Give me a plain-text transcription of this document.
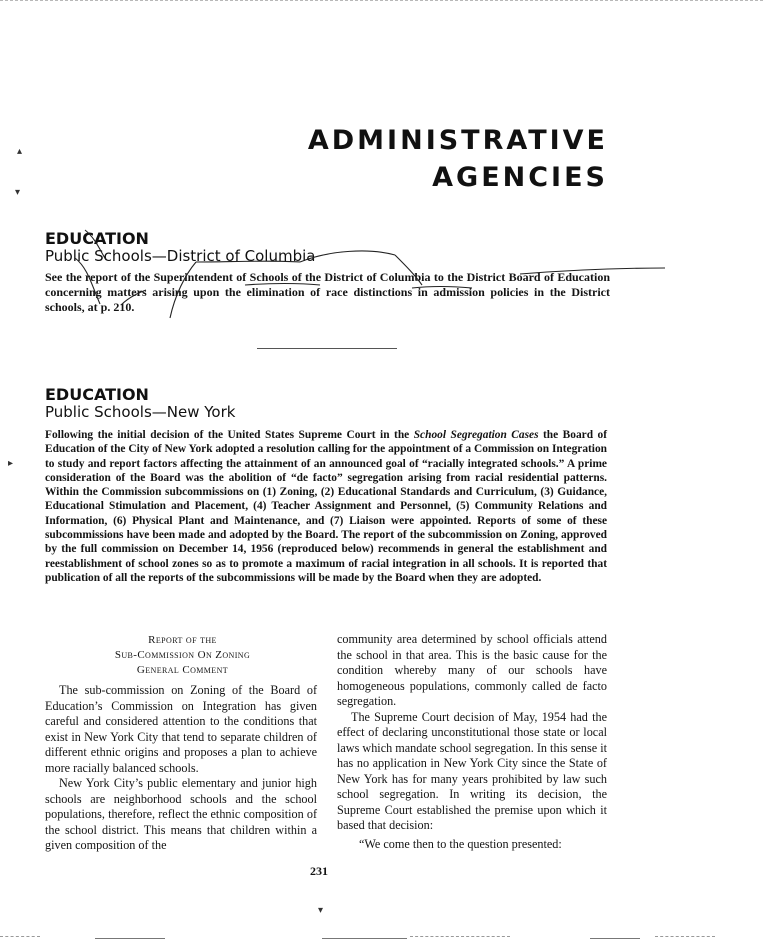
▴
▾
▸
ADMINISTRATIVE
AGENCIES
EDUCATION
Public Schools—District of Columbia
See the report of the Superintendent of Schools of the District of Columbia to the District Board of Education concerning matters arising upon the elimination of race distinctions in admission policies in the District schools, at p. 210.
EDUCATION
Public Schools—New York
Following the initial decision of the United States Supreme Court in the School Segregation Cases the Board of Education of the City of New York adopted a resolution calling for the appointment of a Commission on Integration to study and report factors affecting the attainment of an announced goal of “racially integrated schools.” A prime consideration of the Board was the abolition of “de facto” segregation arising from racial residential patterns. Within the Commission subcommissions on (1) Zoning, (2) Educational Standards and Curriculum, (3) Guidance, Educational Stimulation and Placement, (4) Teacher Assignment and Personnel, (5) Community Relations and Information, (6) Physical Plant and Maintenance, and (7) Liaison were appointed. Reports of some of these subcommissions have been made and adopted by the Board. The report of the subcommission on Zoning, approved by the full commission on December 14, 1956 (reproduced below) recommends in general the establishment and reestablishment of school zones so as to promote a maximum of racial integration in all schools. It is reported that publication of all the reports of the subcommissions will be made by the Board when they are adopted.
Report of the
Sub-Commission On Zoning
General Comment

The sub-commission on Zoning of the Board of Education’s Commission on Integration has given careful and considered attention to the conditions that exist in New York City that tend to separate children of different ethnic origins and proposes a plan to achieve more racially balanced schools.

New York City’s public elementary and junior high schools are neighborhood schools and the school populations, therefore, reflect the ethnic composition of the school district. This means that children within a given composition of the

community area determined by school officials attend the school in that area. This is the basic cause for the condition whereby many of our schools have homogeneous populations, commonly called de facto segregation.

The Supreme Court decision of May, 1954 had the effect of declaring unconstitutional those state or local laws which mandate school segregation. In this sense it has no application in New York City since the State of New York has for many years prohibited by law such school segregation. In writing its decision, the Supreme Court established the premise upon which it based that decision:

“We come then to the question presented:

231
▾
